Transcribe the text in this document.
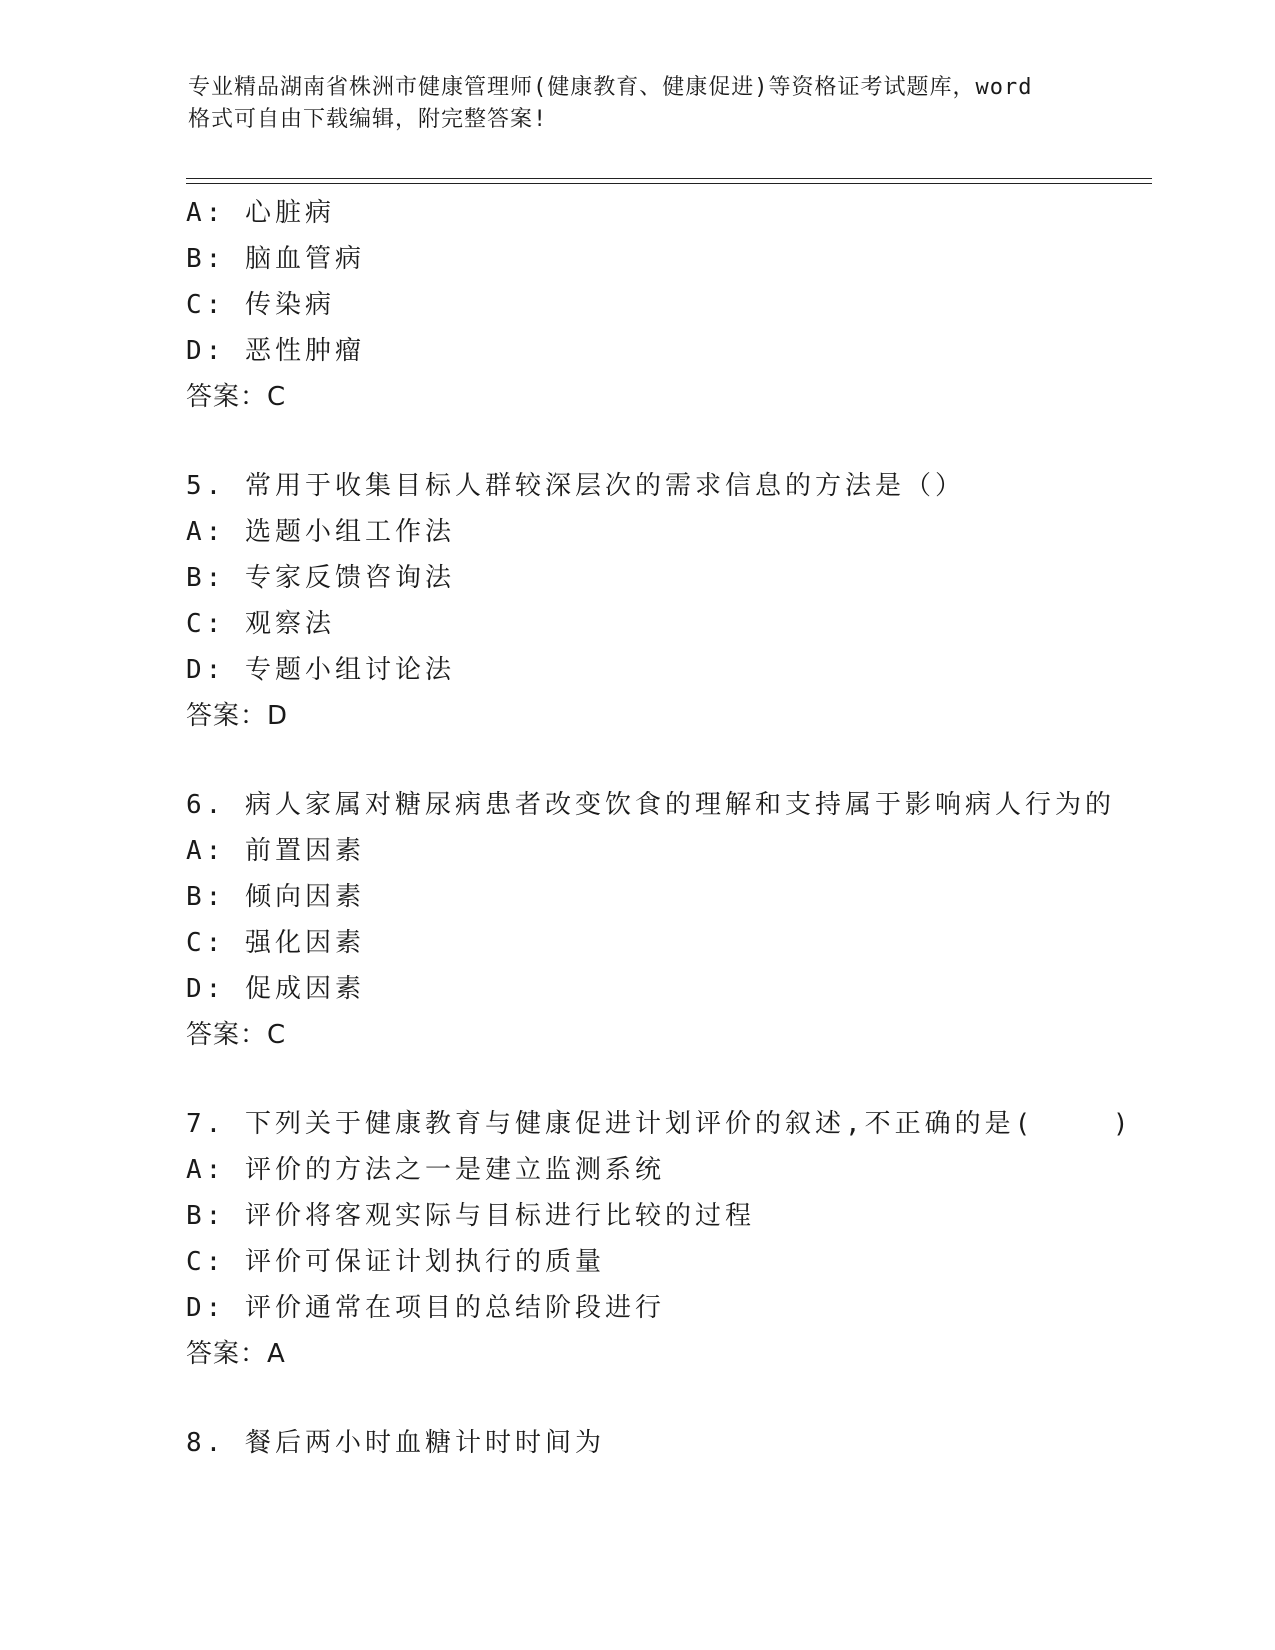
专业精品湖南省株洲市健康管理师(健康教育、健康促进)等资格证考试题库，word
格式可自由下载编辑，附完整答案!
A: 心脏病
B: 脑血管病
C: 传染病
D: 恶性肿瘤
答案：C
5. 常用于收集目标人群较深层次的需求信息的方法是（）
A: 选题小组工作法
B: 专家反馈咨询法
C: 观察法
D: 专题小组讨论法
答案：D
6. 病人家属对糖尿病患者改变饮食的理解和支持属于影响病人行为的
A: 前置因素
B: 倾向因素
C: 强化因素
D: 促成因素
答案：C
7. 下列关于健康教育与健康促进计划评价的叙述,不正确的是(    )
A: 评价的方法之一是建立监测系统
B: 评价将客观实际与目标进行比较的过程
C: 评价可保证计划执行的质量
D: 评价通常在项目的总结阶段进行
答案：A
8. 餐后两小时血糖计时时间为
